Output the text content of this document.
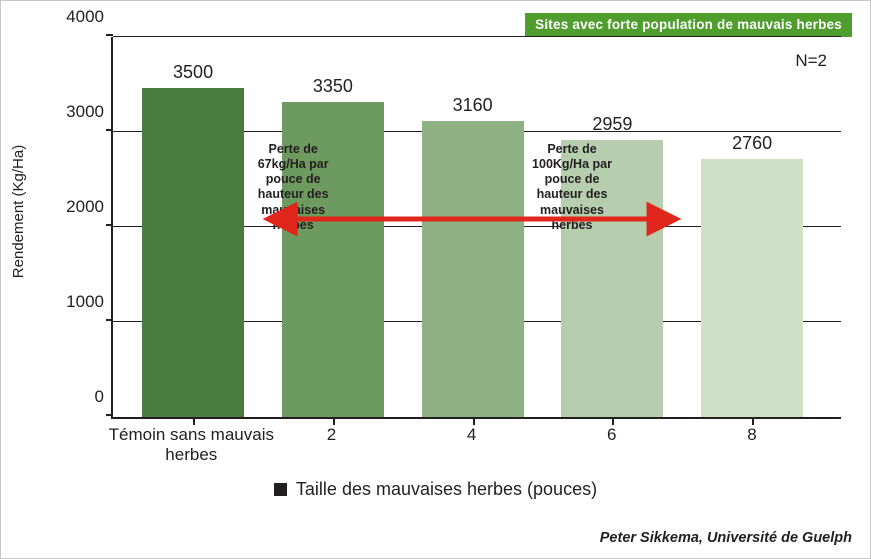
Sites avec forte population de mauvais herbes
Rendement (Kg/Ha)
4000
3000
2000
1000
0
N=2
3500
3350
3160
2959
2760
Perte de 67kg/Ha par pouce de hauteur des mauvaises herbes
Perte de 100Kg/Ha par pouce de hauteur des mauvaises herbes
Témoin sans mauvais herbes
2	4	6	8
Taille des mauvaises herbes (pouces)
Peter Sikkema, Université de Guelph
